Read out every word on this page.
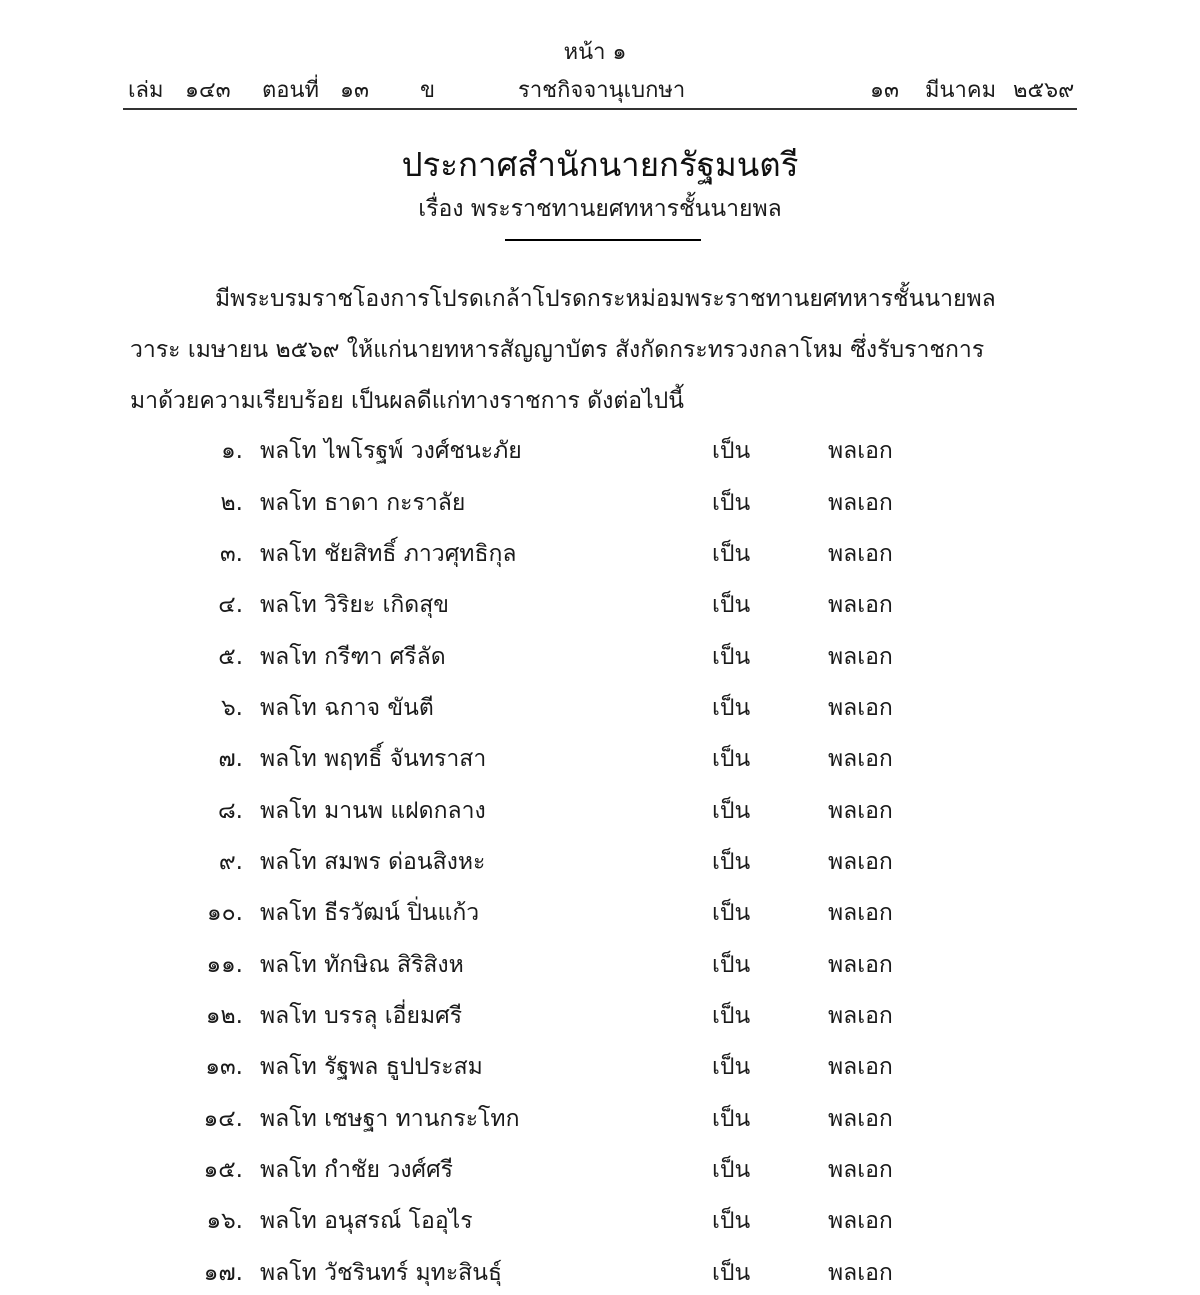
หน้า ๑
เล่ม ๑๔๓ ตอนที่ ๑๓ ข	ราชกิจจานุเบกษา	๑๓ มีนาคม ๒๕๖๙
ประกาศสำนักนายกรัฐมนตรี
เรื่อง พระราชทานยศทหารชั้นนายพล
มีพระบรมราชโองการโปรดเกล้าโปรดกระหม่อมพระราชทานยศทหารชั้นนายพล
วาระ เมษายน ๒๕๖๙ ให้แก่นายทหารสัญญาบัตร สังกัดกระทรวงกลาโหม ซึ่งรับราชการ
มาด้วยความเรียบร้อย เป็นผลดีแก่ทางราชการ ดังต่อไปนี้
๑. พลโท ไพโรฐพ์ วงศ์ชนะภัย	เป็น	พลเอก
๒. พลโท ธาดา กะราลัย	เป็น	พลเอก
๓. พลโท ชัยสิทธิ์ ภาวศุทธิกุล	เป็น	พลเอก
๔. พลโท วิริยะ เกิดสุข	เป็น	พลเอก
๕. พลโท กรีฑา ศรีลัด	เป็น	พลเอก
๖. พลโท ฉกาจ ขันตี	เป็น	พลเอก
๗. พลโท พฤทธิ์ จันทราสา	เป็น	พลเอก
๘. พลโท มานพ แฝดกลาง	เป็น	พลเอก
๙. พลโท สมพร ด่อนสิงหะ	เป็น	พลเอก
๑๐. พลโท ธีรวัฒน์ ปิ่นแก้ว	เป็น	พลเอก
๑๑. พลโท ทักษิณ สิริสิงห	เป็น	พลเอก
๑๒. พลโท บรรลุ เอี่ยมศรี	เป็น	พลเอก
๑๓. พลโท รัฐพล ธูปประสม	เป็น	พลเอก
๑๔. พลโท เชษฐา ทานกระโทก	เป็น	พลเอก
๑๕. พลโท กำชัย วงศ์ศรี	เป็น	พลเอก
๑๖. พลโท อนุสรณ์ โออุไร	เป็น	พลเอก
๑๗. พลโท วัชรินทร์ มุทะสินธุ์	เป็น	พลเอก
